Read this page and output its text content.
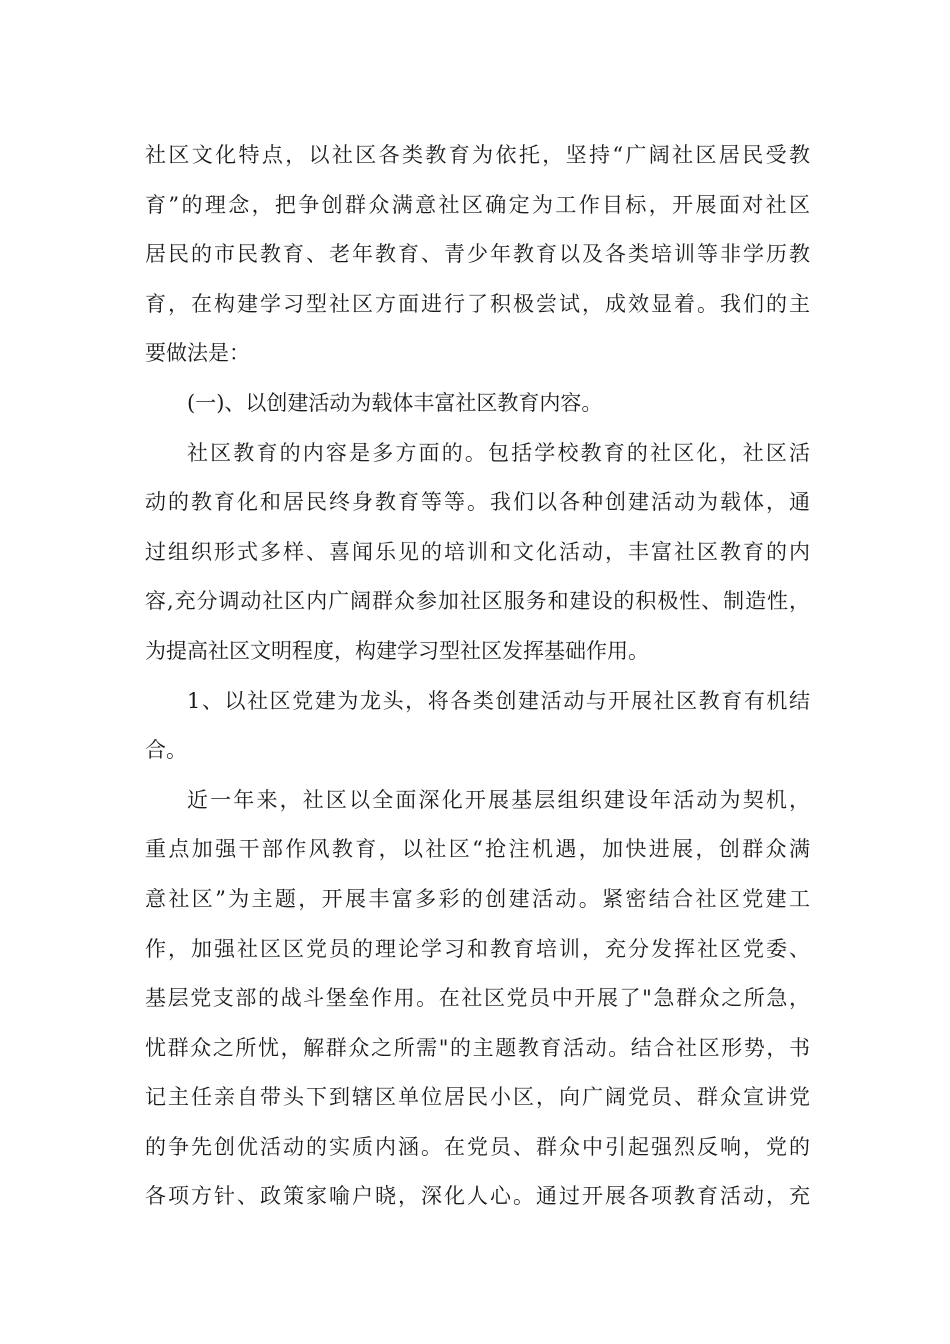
社区文化特点，以社区各类教育为依托，坚持“广阔社区居民受教
育”的理念，把争创群众满意社区确定为工作目标，开展面对社区
居民的市民教育、老年教育、青少年教育以及各类培训等非学历教
育，在构建学习型社区方面进行了积极尝试，成效显着。我们的主
要做法是：
(一)、以创建活动为载体丰富社区教育内容。
社区教育的内容是多方面的。包括学校教育的社区化，社区活
动的教育化和居民终身教育等等。我们以各种创建活动为载体，通
过组织形式多样、喜闻乐见的培训和文化活动，丰富社区教育的内
容,充分调动社区内广阔群众参加社区服务和建设的积极性、制造性，
为提高社区文明程度，构建学习型社区发挥基础作用。
1、以社区党建为龙头，将各类创建活动与开展社区教育有机结
合。
近一年来，社区以全面深化开展基层组织建设年活动为契机，
重点加强干部作风教育，以社区“抢注机遇，加快进展，创群众满
意社区”为主题，开展丰富多彩的创建活动。紧密结合社区党建工
作，加强社区区党员的理论学习和教育培训，充分发挥社区党委、
基层党支部的战斗堡垒作用。在社区党员中开展了"急群众之所急，
忧群众之所忧，解群众之所需"的主题教育活动。结合社区形势，书
记主任亲自带头下到辖区单位居民小区，向广阔党员、群众宣讲党
的争先创优活动的实质内涵。在党员、群众中引起强烈反响，党的
各项方针、政策家喻户晓，深化人心。通过开展各项教育活动，充
